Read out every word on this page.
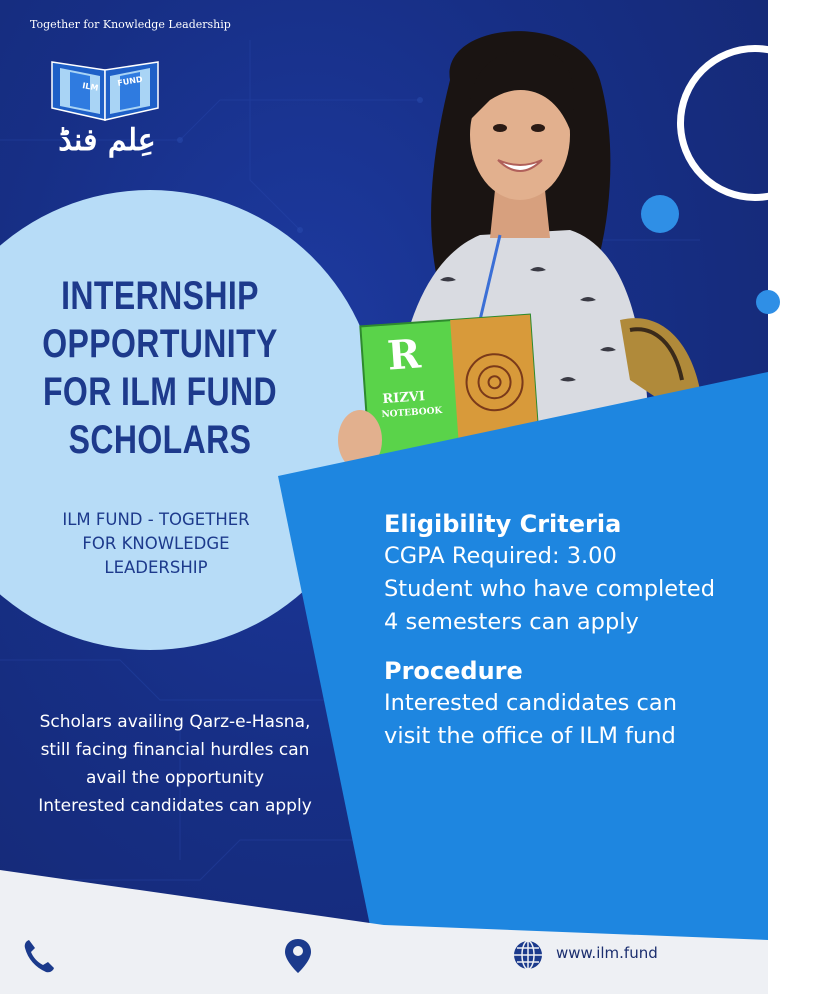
Together for Knowledge Leadership
ILM FUND
عِلم فنڈ
R
RIZVI
NOTEBOOK
INTERNSHIP
OPPORTUNITY
FOR ILM FUND
SCHOLARS

ILM FUND - TOGETHER
FOR KNOWLEDGE
LEADERSHIP

Scholars availing Qarz-e-Hasna,
still facing financial hurdles can
avail the opportunity
Interested candidates can apply

Eligibility Criteria

CGPA Required: 3.00

Student who have completed

4 semesters can apply

Procedure

Interested candidates can

visit the office of ILM fund

www.ilm.fund
